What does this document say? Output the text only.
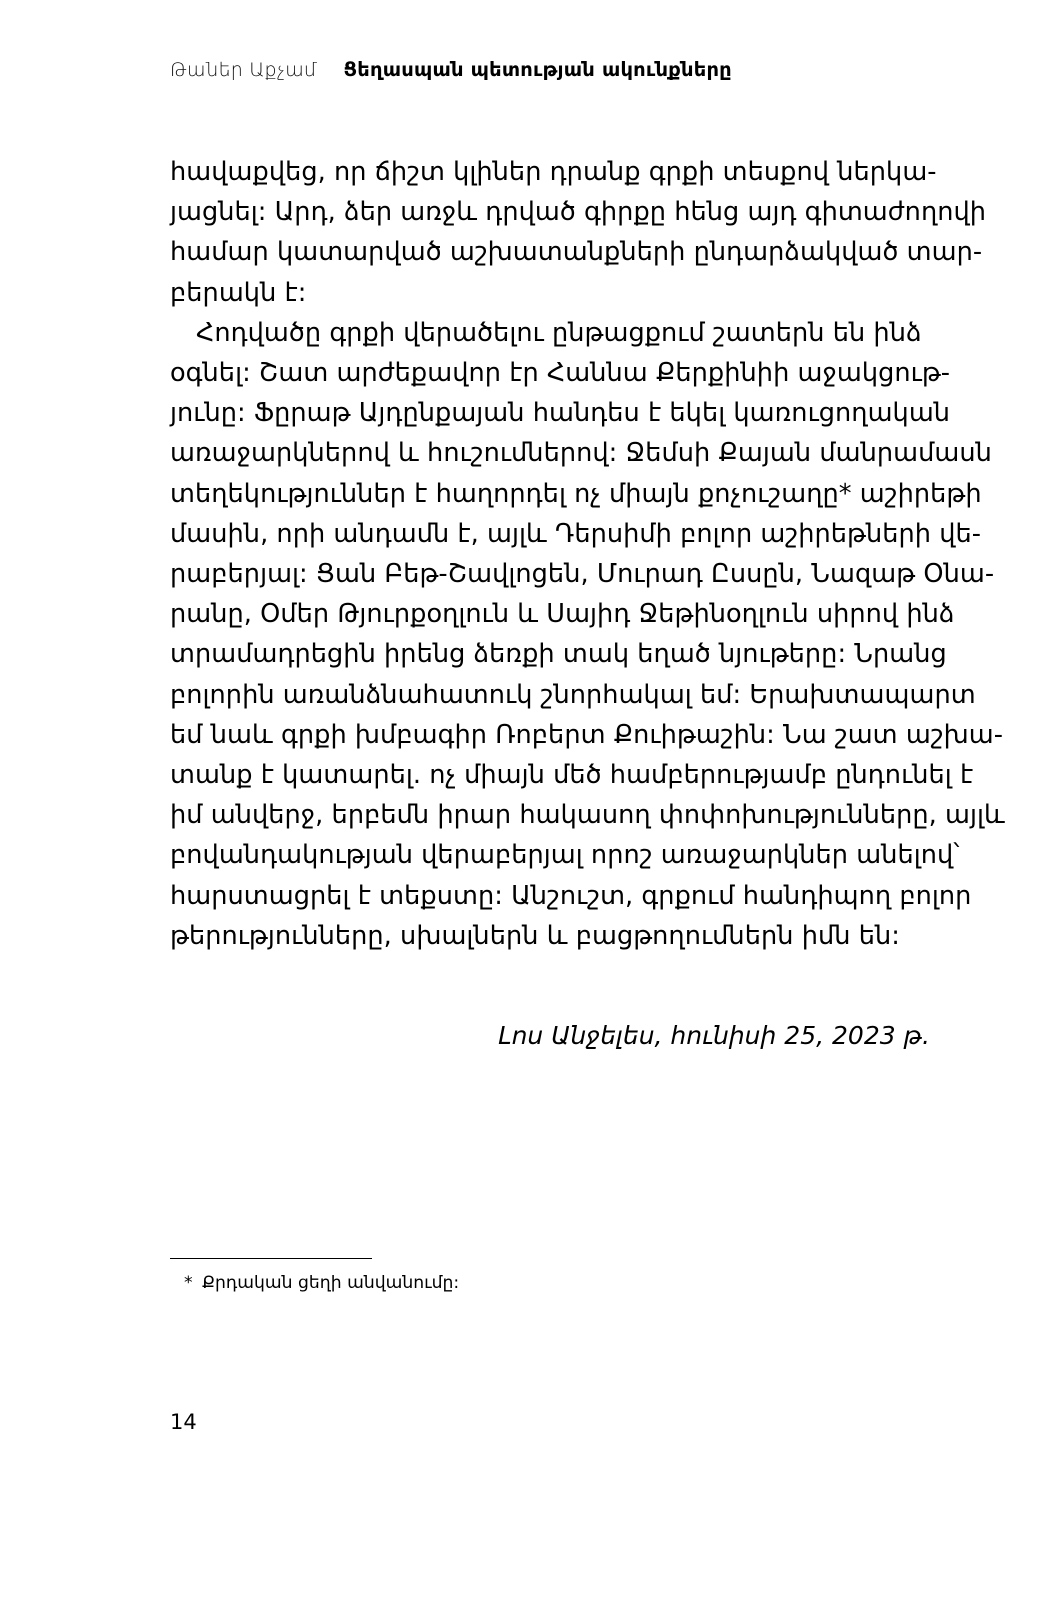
Թաներ Աքչամ Ցեղասպան պետության ակունքները

հավաքվեց, որ ճիշտ կլիներ դրանք գրքի տեսքով ներկա-
յացնել: Արդ, ձեր առջև դրված գիրքը հենց այդ գիտաժողովի
համար կատարված աշխատանքների ընդարձակված տար-
բերակն է:

Հոդվածը գրքի վերածելու ընթացքում շատերն են ինձ
օգնել: Շատ արժեքավոր էր Հաննա Քերքինիի աջակցութ-
յունը: Ֆըրաթ Այդընքայան հանդես է եկել կառուցողական
առաջարկներով և հուշումներով: Ջեմսի Քայան մանրամասն
տեղեկություններ է հաղորդել ոչ միայն քոչուշաղը* աշիրեթի
մասին, որի անդամն է, այլև Դերսիմի բոլոր աշիրեթների վե-
րաբերյալ: Ցան Բեթ-Շավլոցեն, Մուրադ Ըսսըն, Նազաթ Օնա-
րանը, Օմեր Թյուրքօղլուն և Սայիդ Ջեթինօղլուն սիրով ինձ
տրամադրեցին իրենց ձեռքի տակ եղած նյութերը: Նրանց
բոլորին առանձնահատուկ շնորհակալ եմ: Երախտապարտ
եմ նաև գրքի խմբագիր Ռոբերտ Քուիթաշին: Նա շատ աշխա-
տանք է կատարել. ոչ միայն մեծ համբերությամբ ընդունել է
իմ անվերջ, երբեմն իրար հակասող փոփոխությունները, այլև
բովանդակության վերաբերյալ որոշ առաջարկներ անելով՝
հարստացրել է տեքստը: Անշուշտ, գրքում հանդիպող բոլոր
թերությունները, սխալներն և բացթողումներն իմն են:

Լոս Անջելես, հունիսի 25, 2023 թ.
* Քրդական ցեղի անվանումը:
14
